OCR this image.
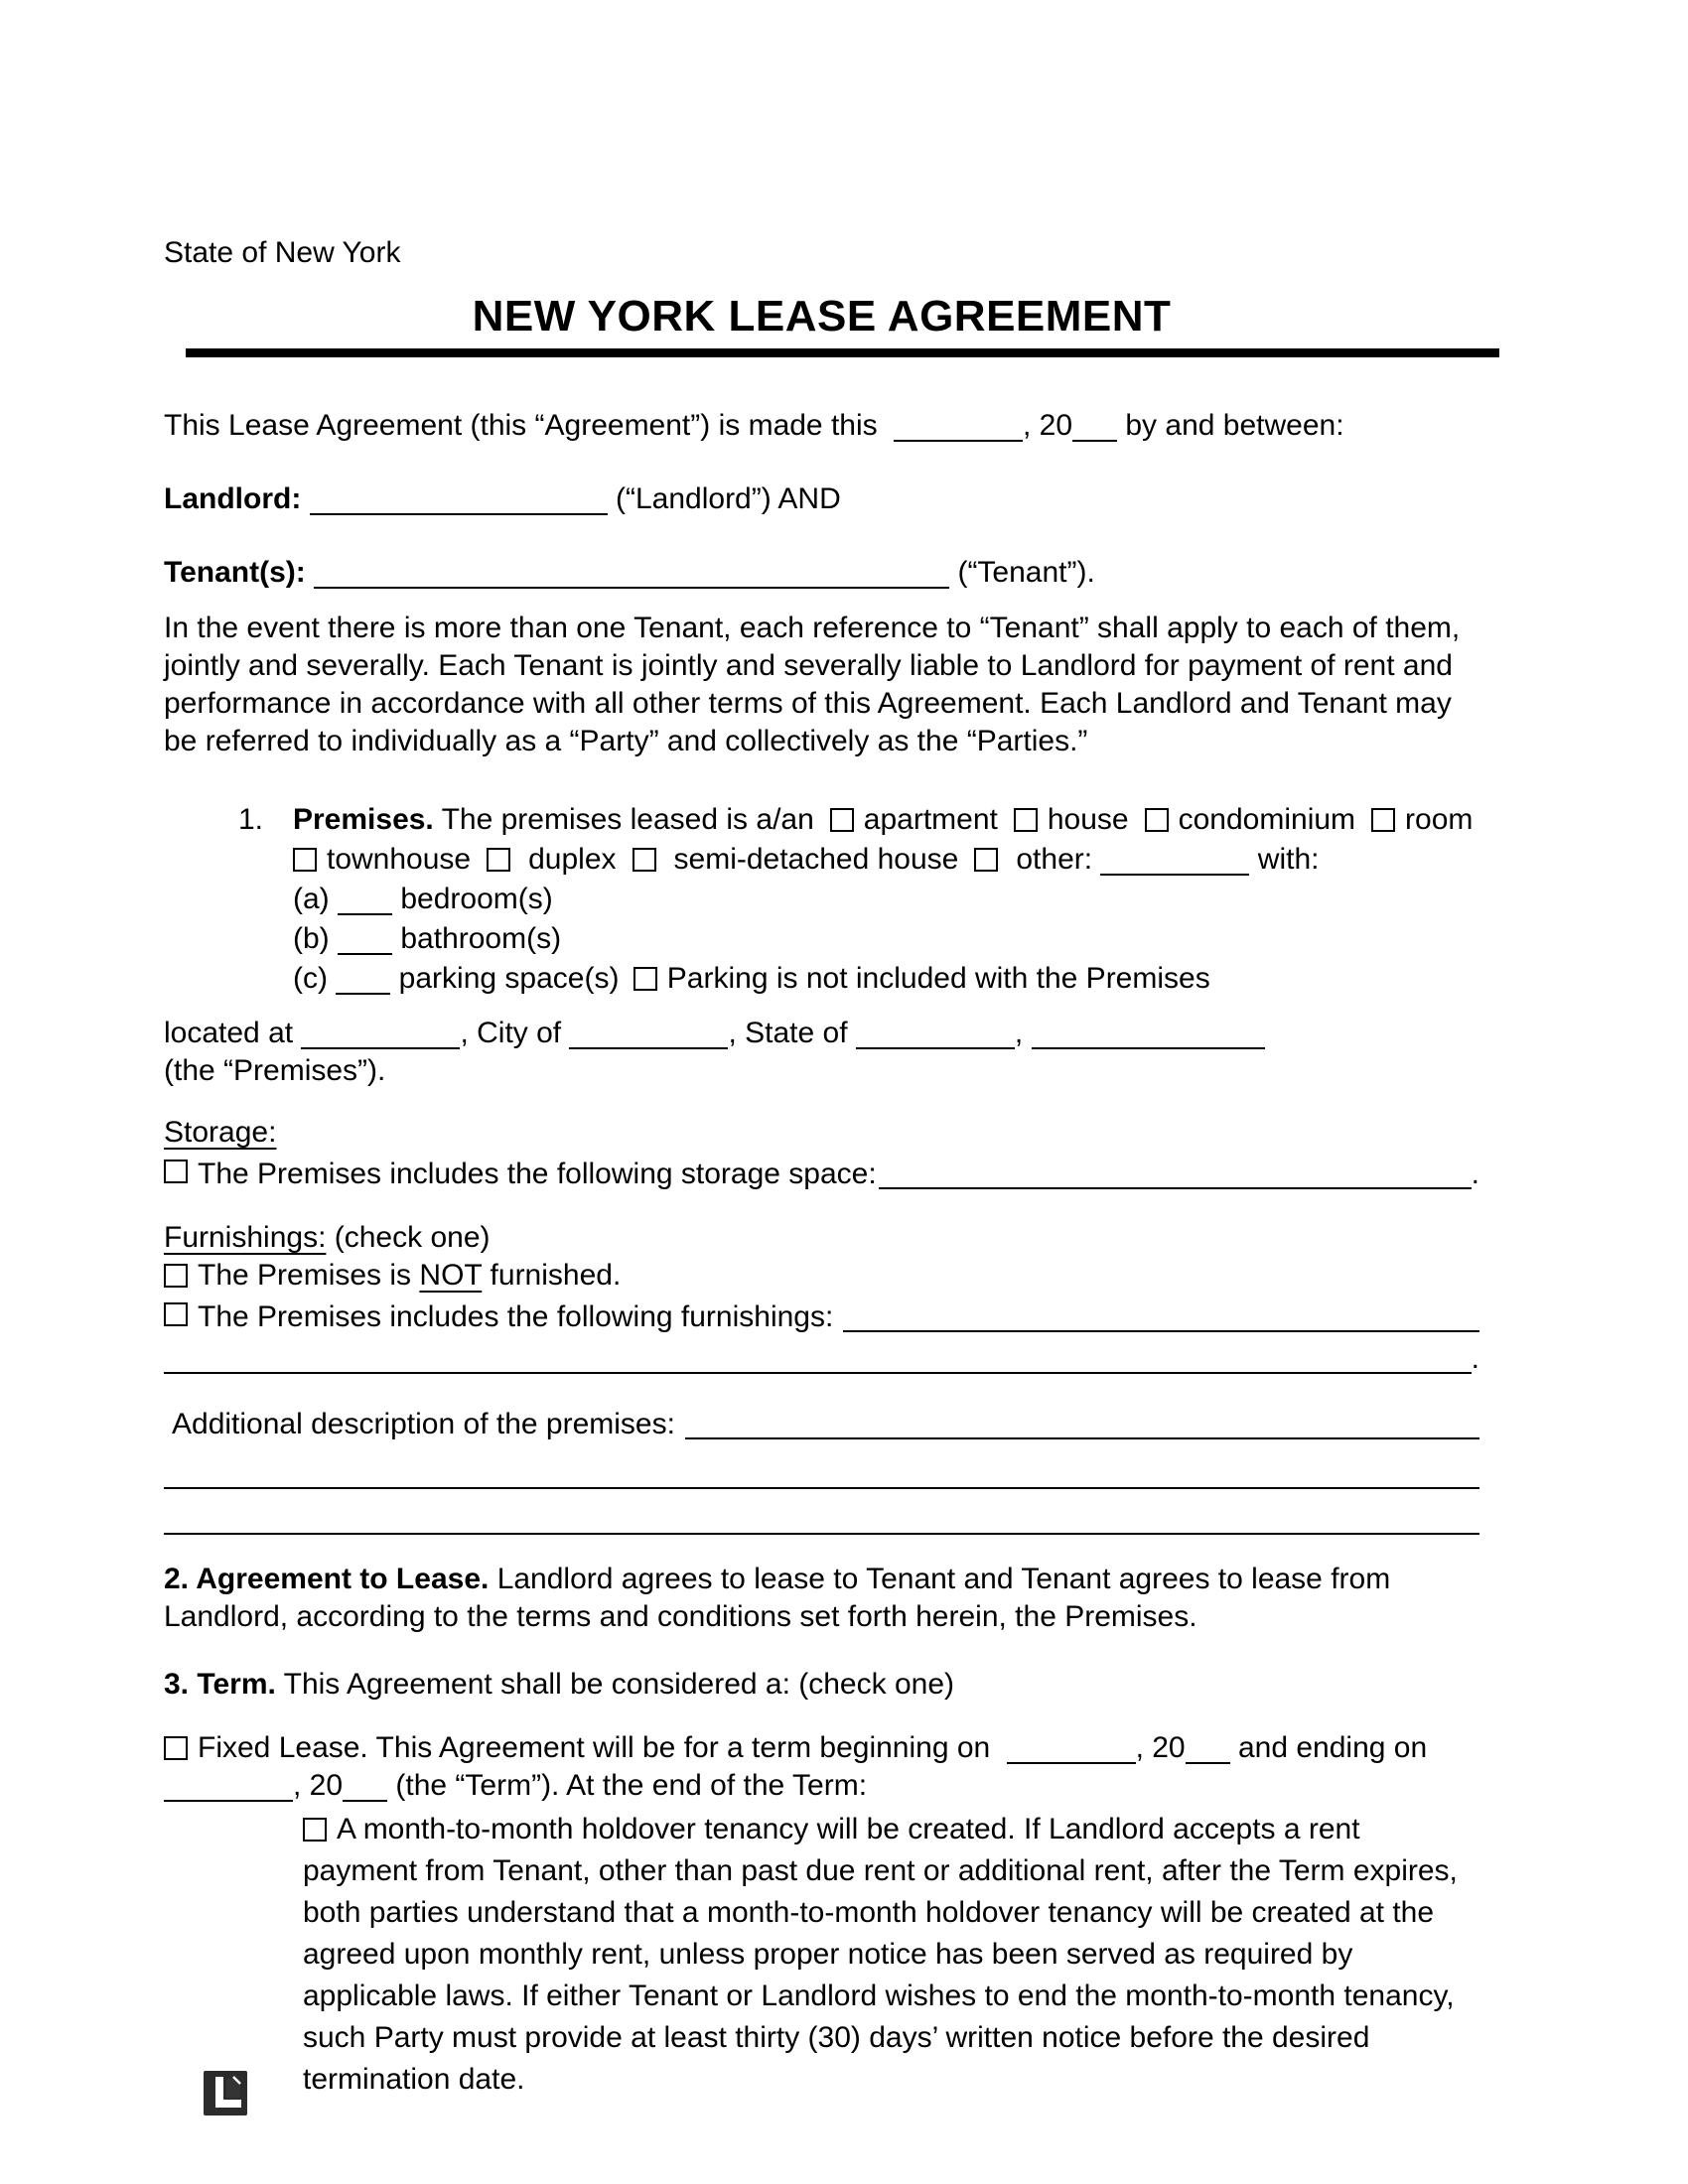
State of New York

NEW YORK LEASE AGREEMENT

This Lease Agreement (this “Agreement”) is made this	, 20 by and between:

Landlord:	(“Landlord”) AND

Tenant(s):	(“Tenant”).

In the event there is more than one Tenant, each reference to “Tenant” shall apply to each of them, jointly and severally. Each Tenant is jointly and severally liable to Landlord for payment of rent and performance in accordance with all other terms of this Agreement. Each Landlord and Tenant may be referred to individually as a “Party” and collectively as the “Parties.”

1. Premises. The premises leased is a/an apartment house condominium room
townhouse duplex semi-detached house other:	with:
(a) bedroom(s)
(b) bathroom(s)
(c) parking space(s) Parking is not included with the Premises

located at	, City of	, State of	,

(the “Premises”).

Storage:

The Premises includes the following storage space:	.

Furnishings: (check one)

The Premises is NOT furnished.

The Premises includes the following furnishings:
.
Additional description of the premises:

2. Agreement to Lease. Landlord agrees to lease to Tenant and Tenant agrees to lease from Landlord, according to the terms and conditions set forth herein, the Premises.

3. Term. This Agreement shall be considered a: (check one)

Fixed Lease. This Agreement will be for a term beginning on	, 20 and ending on

, 20 (the “Term”). At the end of the Term:

A month-to-month holdover tenancy will be created. If Landlord accepts a rent payment from Tenant, other than past due rent or additional rent, after the Term expires, both parties understand that a month-to-month holdover tenancy will be created at the agreed upon monthly rent, unless proper notice has been served as required by applicable laws. If either Tenant or Landlord wishes to end the month-to-month tenancy, such Party must provide at least thirty (30) days’ written notice before the desired termination date.
